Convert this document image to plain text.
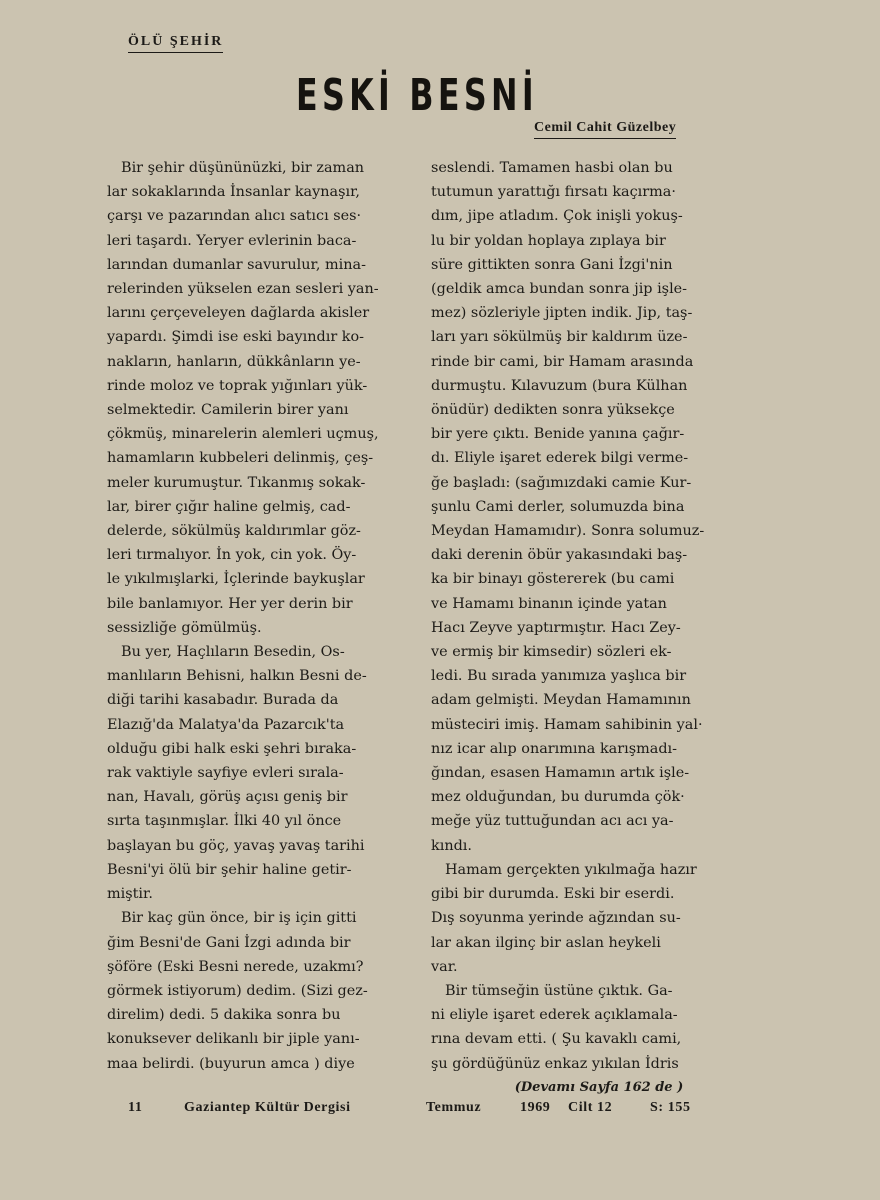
ÖLÜ ŞEHİR
ESKİ BESNİ
Cemil Cahit Güzelbey
Bir şehir düşününüzki, bir zaman
lar sokaklarında İnsanlar kaynaşır,
çarşı ve pazarından alıcı satıcı ses·
leri taşardı. Yeryer evlerinin baca-
larından dumanlar savurulur, mina-
relerinden yükselen ezan sesleri yan-
larını çerçeveleyen dağlarda akisler
yapardı. Şimdi ise eski bayındır ko-
nakların, hanların, dükkânların ye-
rinde moloz ve toprak yığınları yük-
selmektedir. Camilerin birer yanı
çökmüş, minarelerin alemleri uçmuş,
hamamların kubbeleri delinmiş, çeş-
meler kurumuştur. Tıkanmış sokak-
lar, birer çığır haline gelmiş, cad-
delerde, sökülmüş kaldırımlar göz-
leri tırmalıyor. İn yok, cin yok. Öy-
le yıkılmışlarki, İçlerinde baykuşlar
bile banlamıyor. Her yer derin bir
sessizliğe gömülmüş.
Bu yer, Haçlıların Besedin, Os-
manlıların Behisni, halkın Besni de-
diği tarihi kasabadır. Burada da
Elazığ'da Malatya'da Pazarcık'ta
olduğu gibi halk eski şehri bıraka-
rak vaktiyle sayfiye evleri sırala-
nan, Havalı, görüş açısı geniş bir
sırta taşınmışlar. İlki 40 yıl önce
başlayan bu göç, yavaş yavaş tarihi
Besni'yi ölü bir şehir haline getir-
miştir.
Bir kaç gün önce, bir iş için gitti
ğim Besni'de Gani İzgi adında bir
şöföre (Eski Besni nerede, uzakmı?
görmek istiyorum) dedim. (Sizi gez-
direlim) dedi. 5 dakika sonra bu
konuksever delikanlı bir jiple yanı-
maa belirdi. (buyurun amca ) diye
seslendi. Tamamen hasbi olan bu
tutumun yarattığı fırsatı kaçırma·
dım, jipe atladım. Çok inişli yokuş-
lu bir yoldan hoplaya zıplaya bir
süre gittikten sonra Gani İzgi'nin
(geldik amca bundan sonra jip işle-
mez) sözleriyle jipten indik. Jip, taş-
ları yarı sökülmüş bir kaldırım üze-
rinde bir cami, bir Hamam arasında
durmuştu. Kılavuzum (bura Külhan
önüdür) dedikten sonra yüksekçe
bir yere çıktı. Benide yanına çağır-
dı. Eliyle işaret ederek bilgi verme-
ğe başladı: (sağımızdaki camie Kur-
şunlu Cami derler, solumuzda bina
Meydan Hamamıdır). Sonra solumuz-
daki derenin öbür yakasındaki baş-
ka bir binayı göstererek (bu cami
ve Hamamı binanın içinde yatan
Hacı Zeyve yaptırmıştır. Hacı Zey-
ve ermiş bir kimsedir) sözleri ek-
ledi. Bu sırada yanımıza yaşlıca bir
adam gelmişti. Meydan Hamamının
müsteciri imiş. Hamam sahibinin yal·
nız icar alıp onarımına karışmadı-
ğından, esasen Hamamın artık işle-
mez olduğundan, bu durumda çök·
meğe yüz tuttuğundan acı acı ya-
kındı.
Hamam gerçekten yıkılmağa hazır
gibi bir durumda. Eski bir eserdi.
Dış soyunma yerinde ağzından su-
lar akan ilginç bir aslan heykeli
var.
Bir tümseğin üstüne çıktık. Ga-
ni eliyle işaret ederek açıklamala-
rına devam etti. ( Şu kavaklı cami,
şu gördüğünüz enkaz yıkılan İdris
(Devamı Sayfa 162 de )
11	Gaziantep Kültür Dergisi	Temmuz	1969 Cilt 12	S: 155
